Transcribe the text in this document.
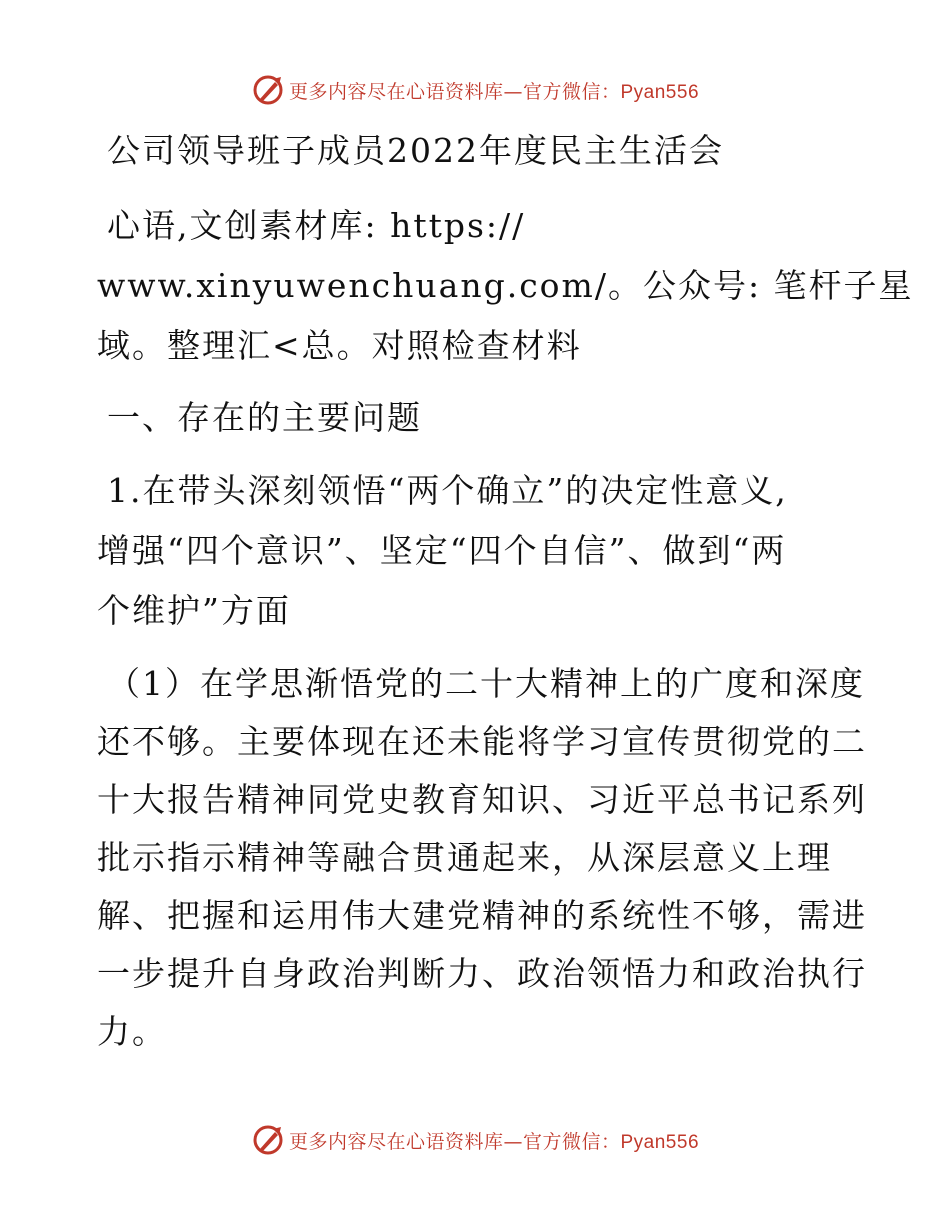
更多内容尽在心语资料库—官方微信：Pyan556

公司领导班子成员2022年度民主生活会

心语,文创素材库: https://

www.xinyuwenchuang.com/。公众号: 笔杆子星

域。整理汇<总。对照检查材料

一、存在的主要问题

1.在带头深刻领悟“两个确立”的决定性意义,

增强“四个意识”、坚定“四个自信”、做到“两

个维护”方面

（1）在学思渐悟党的二十大精神上的广度和深度

还不够。主要体现在还未能将学习宣传贯彻党的二

十大报告精神同党史教育知识、习近平总书记系列

批示指示精神等融合贯通起来，从深层意义上理

解、把握和运用伟大建党精神的系统性不够，需进

一步提升自身政治判断力、政治领悟力和政治执行

力。

更多内容尽在心语资料库—官方微信：Pyan556
